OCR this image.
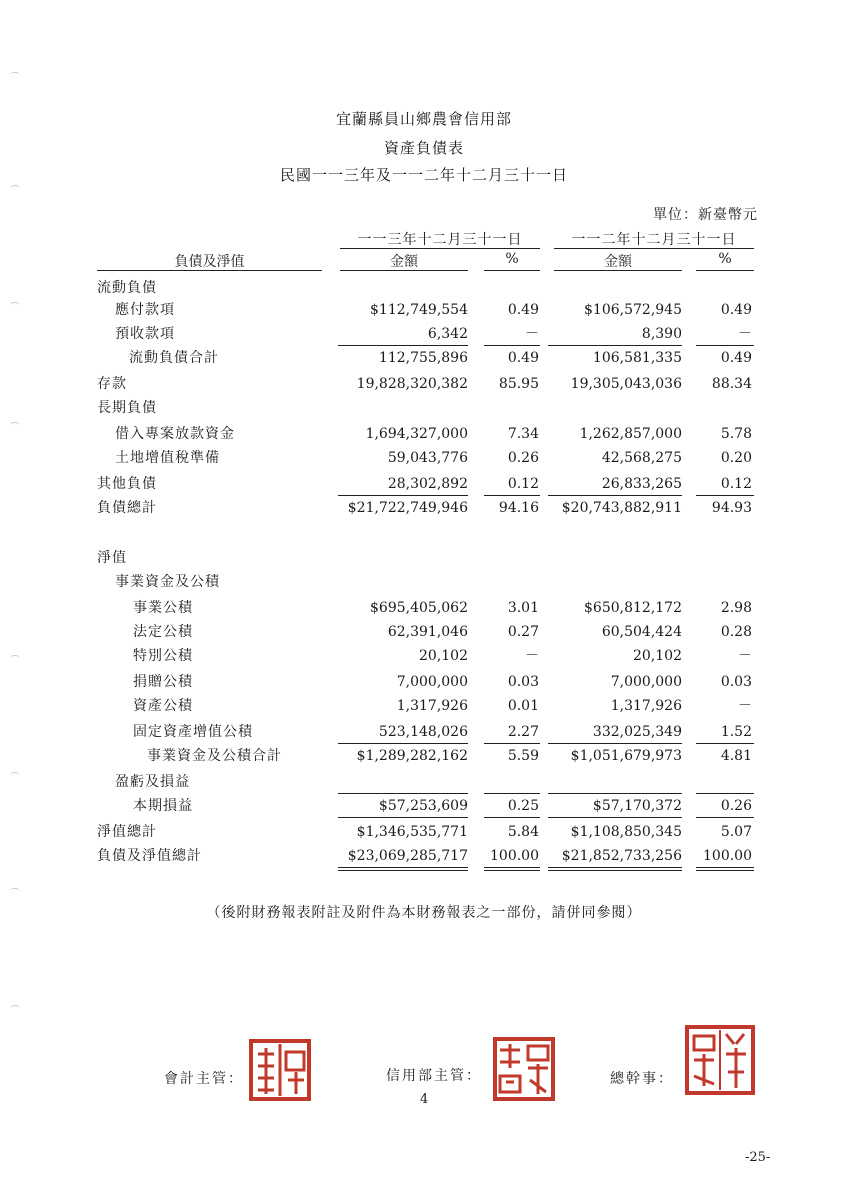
宜蘭縣員山鄉農會信用部
資產負債表
民國一一三年及一一二年十二月三十一日
單位：新臺幣元
一一三年十二月三十一日	一一二年十二月三十一日
負債及淨值	金額	%	金額	%
流動負債
應付款項	$112,749,554	0.49	$106,572,945	0.49
預收款項	6,342	－	8,390	－
流動負債合計	112,755,896	0.49	106,581,335	0.49
存款	19,828,320,382	85.95	19,305,043,036	88.34
長期負債
借入專案放款資金	1,694,327,000	7.34	1,262,857,000	5.78
土地增值稅準備	59,043,776	0.26	42,568,275	0.20
其他負債	28,302,892	0.12	26,833,265	0.12
負債總計	$21,722,749,946	94.16	$20,743,882,911	94.93
淨值
事業資金及公積
事業公積	$695,405,062	3.01	$650,812,172	2.98
法定公積	62,391,046	0.27	60,504,424	0.28
特別公積	20,102	－	20,102	－
捐贈公積	7,000,000	0.03	7,000,000	0.03
資產公積	1,317,926	0.01	1,317,926	－
固定資產增值公積	523,148,026	2.27	332,025,349	1.52
事業資金及公積合計	$1,289,282,162	5.59	$1,051,679,973	4.81
盈虧及損益
本期損益	$57,253,609	0.25	$57,170,372	0.26
淨值總計	$1,346,535,771	5.84	$1,108,850,345	5.07
負債及淨值總計	$23,069,285,717	100.00	$21,852,733,256	100.00
（後附財務報表附註及附件為本財務報表之一部份，請併同參閱）
會計主管：	信用部主管：	總幹事：
4
-25-
